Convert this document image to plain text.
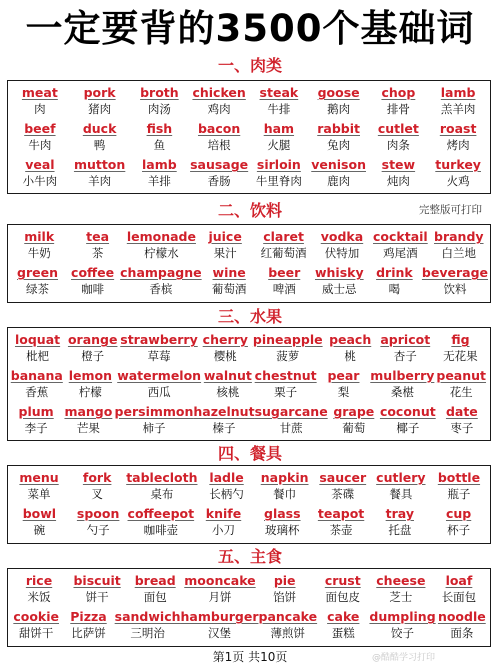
一定要背的3500个基础词
一、肉类
meat
肉
pork
猪肉
broth
肉汤
chicken
鸡肉
steak
牛排
goose
鹅肉
chop
排骨
lamb
羔羊肉
beef
牛肉
duck
鸭
fish
鱼
bacon
培根
ham
火腿
rabbit
兔肉
cutlet
肉条
roast
烤肉
veal
小牛肉
mutton
羊肉
lamb
羊排
sausage
香肠
sirloin
牛里脊肉
venison
鹿肉
stew
炖肉
turkey
火鸡
二、饮料
milk
牛奶
tea
茶
lemonade
柠檬水
juice
果汁
claret
红葡萄酒
vodka
伏特加
cocktail
鸡尾酒
brandy
白兰地
green
绿茶
coffee
咖啡
champagne
香槟
wine
葡萄酒
beer
啤酒
whisky
威士忌
drink
喝
beverage
饮料
三、水果
loquat
枇杷
orange
橙子
strawberry
草莓
cherry
樱桃
pineapple
菠萝
peach
桃
apricot
杏子
fig
无花果
banana
香蕉
lemon
柠檬
watermelon
西瓜
walnut
核桃
chestnut
栗子
pear
梨
mulberry
桑椹
peanut
花生
plum
李子
mango
芒果
persimmon
柿子
hazelnut
榛子
sugarcane
甘蔗
grape
葡萄
coconut
椰子
date
枣子
四、餐具
menu
菜单
fork
叉
tablecloth
桌布
ladle
长柄勺
napkin
餐巾
saucer
茶碟
cutlery
餐具
bottle
瓶子
bowl
碗
spoon
勺子
coffeepot
咖啡壶
knife
小刀
glass
玻璃杯
teapot
茶壶
tray
托盘
cup
杯子
五、主食
rice
米饭
biscuit
饼干
bread
面包
mooncake
月饼
pie
馅饼
crust
面包皮
cheese
芝士
loaf
长面包
cookie
甜饼干
Pizza
比萨饼
sandwich
三明治
hamburger
汉堡
pancake
薄煎饼
cake
蛋糕
dumpling
饺子
noodle
面条
完整版可打印
第1页 共10页	@酷酷学习打印
